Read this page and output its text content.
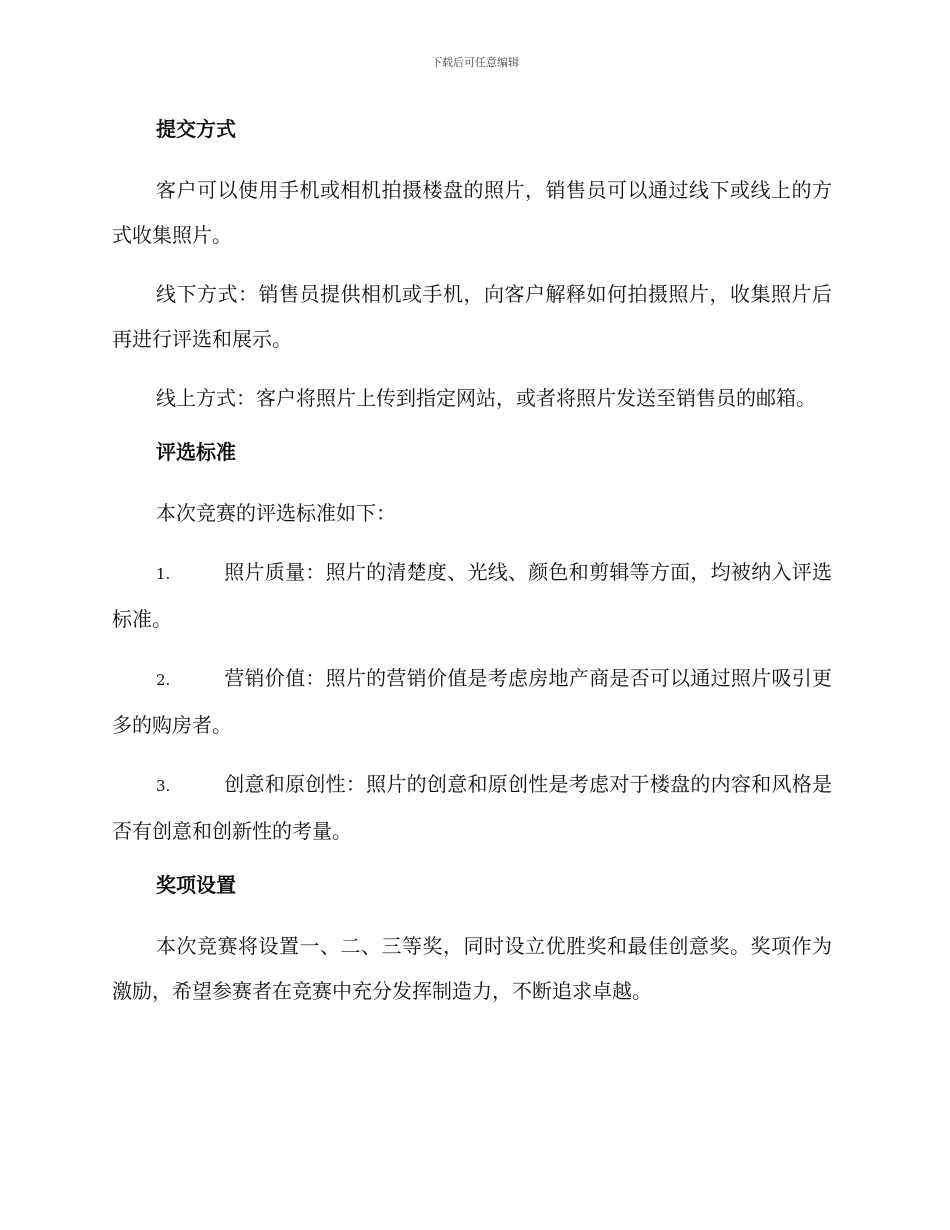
下载后可任意编辑
提交方式

客户可以使用手机或相机拍摄楼盘的照片，销售员可以通过线下或线上的方式收集照片。

线下方式：销售员提供相机或手机，向客户解释如何拍摄照片，收集照片后再进行评选和展示。

线上方式：客户将照片上传到指定网站，或者将照片发送至销售员的邮箱。

评选标准

本次竞赛的评选标准如下：

1.	照片质量：照片的清楚度、光线、颜色和剪辑等方面，均被纳入评选标准。

2.	营销价值：照片的营销价值是考虑房地产商是否可以通过照片吸引更多的购房者。

3.	创意和原创性：照片的创意和原创性是考虑对于楼盘的内容和风格是否有创意和创新性的考量。

奖项设置

本次竞赛将设置一、二、三等奖，同时设立优胜奖和最佳创意奖。奖项作为激励，希望参赛者在竞赛中充分发挥制造力，不断追求卓越。
